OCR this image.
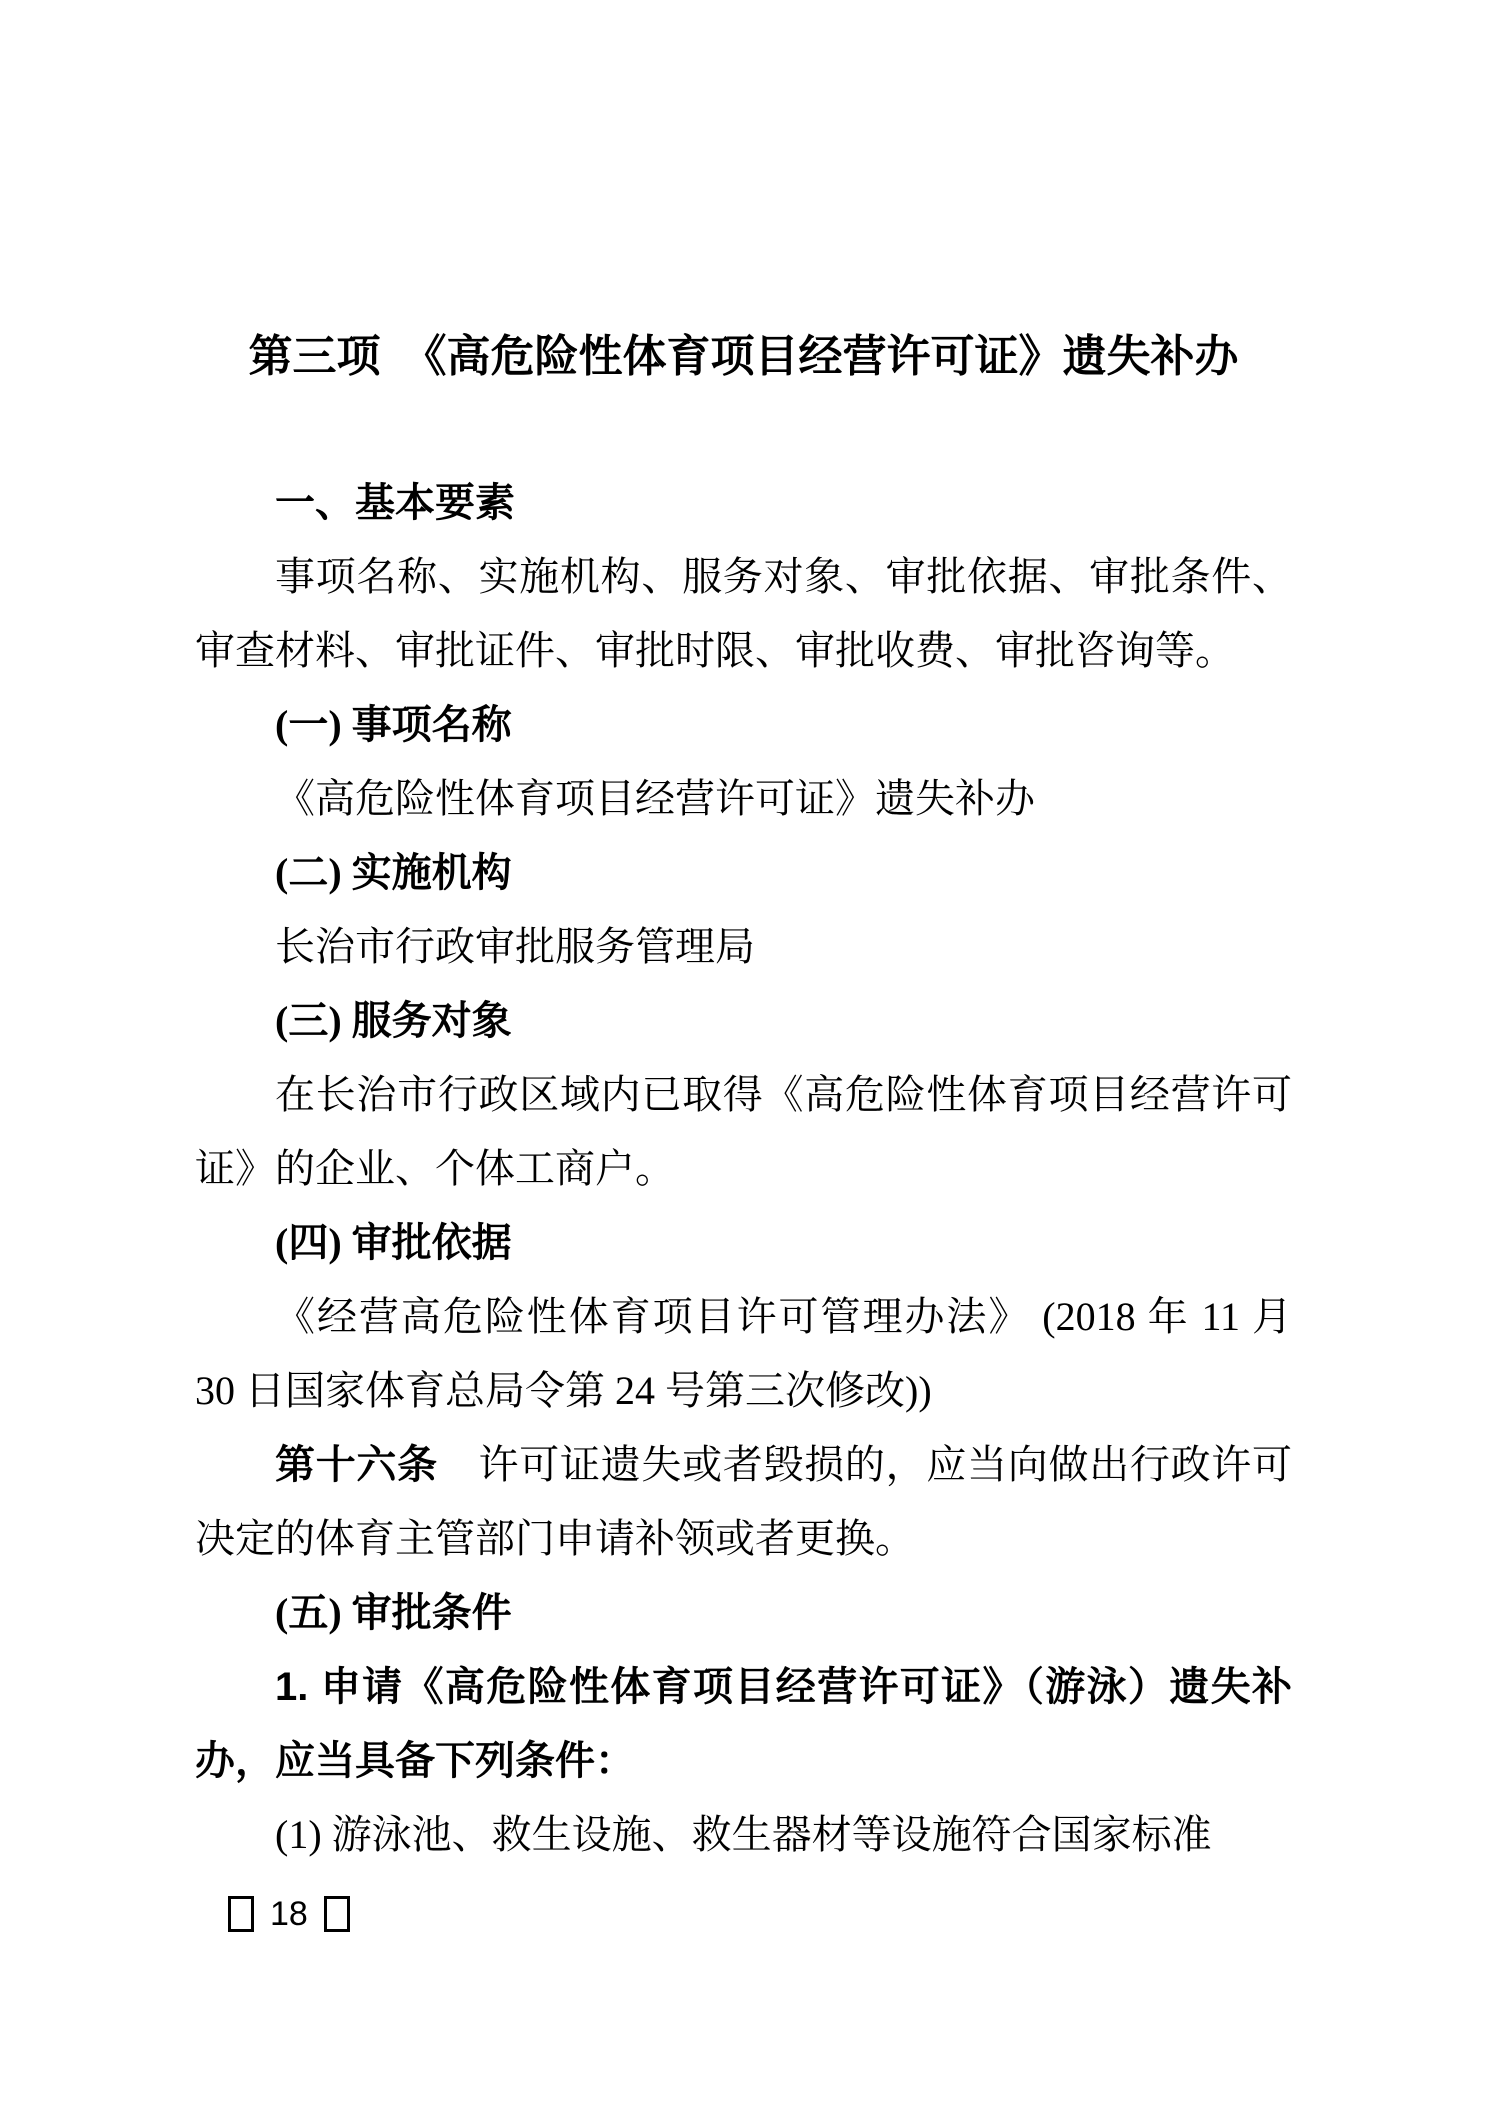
第三项　《高危险性体育项目经营许可证》遗失补办
一、基本要素

事项名称、实施机构、服务对象、审批依据、审批条件、审查材料、审批证件、审批时限、审批收费、审批咨询等。

(一) 事项名称

《高危险性体育项目经营许可证》遗失补办

(二) 实施机构

长治市行政审批服务管理局

(三) 服务对象

在长治市行政区域内已取得《高危险性体育项目经营许可证》的企业、个体工商户。

(四) 审批依据

《经营高危险性体育项目许可管理办法》 (2018 年 11 月 30 日国家体育总局令第 24 号第三次修改))

第十六条　许可证遗失或者毁损的，应当向做出行政许可决定的体育主管部门申请补领或者更换。

(五) 审批条件

1. 申请《高危险性体育项目经营许可证》（游泳）遗失补办，应当具备下列条件：

(1) 游泳池、救生设施、救生器材等设施符合国家标准

18
